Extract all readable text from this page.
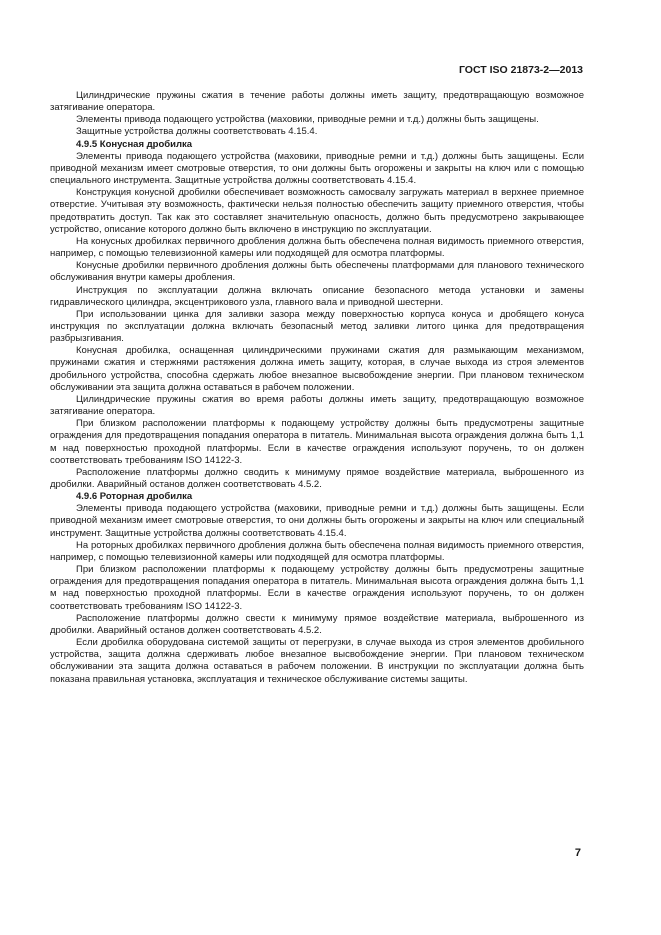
ГОСТ ISO 21873-2—2013

Цилиндрические пружины сжатия в течение работы должны иметь защиту, предотвращающую возможное затягивание оператора.

Элементы привода подающего устройства (маховики, приводные ремни и т.д.) должны быть защищены.

Защитные устройства должны соответствовать 4.15.4.

4.9.5 Конусная дробилка

Элементы привода подающего устройства (маховики, приводные ремни и т.д.) должны быть защищены. Если приводной механизм имеет смотровые отверстия, то они должны быть огорожены и закрыты на ключ или с помощью специального инструмента. Защитные устройства должны соответствовать 4.15.4.

Конструкция конусной дробилки обеспечивает возможность самосвалу загружать материал в верхнее приемное отверстие. Учитывая эту возможность, фактически нельзя полностью обеспечить защиту приемного отверстия, чтобы предотвратить доступ. Так как это составляет значительную опасность, должно быть предусмотрено закрывающее устройство, описание которого должно быть включено в инструкцию по эксплуатации.

На конусных дробилках первичного дробления должна быть обеспечена полная видимость приемного отверстия, например, с помощью телевизионной камеры или подходящей для осмотра платформы.

Конусные дробилки первичного дробления должны быть обеспечены платформами для планового технического обслуживания внутри камеры дробления.

Инструкция по эксплуатации должна включать описание безопасного метода установки и замены гидравлического цилиндра, эксцентрикового узла, главного вала и приводной шестерни.

При использовании цинка для заливки зазора между поверхностью корпуса конуса и дробящего конуса инструкция по эксплуатации должна включать безопасный метод заливки литого цинка для предотвращения разбрызгивания.

Конусная дробилка, оснащенная цилиндрическими пружинами сжатия для размыкающим механизмом, пружинами сжатия и стержнями растяжения должна иметь защиту, которая, в случае выхода из строя элементов дробильного устройства, способна сдержать любое внезапное высвобождение энергии. При плановом техническом обслуживании эта защита должна оставаться в рабочем положении.

Цилиндрические пружины сжатия во время работы должны иметь защиту, предотвращающую возможное затягивание оператора.

При близком расположении платформы к подающему устройству должны быть предусмотрены защитные ограждения для предотвращения попадания оператора в питатель. Минимальная высота ограждения должна быть 1,1 м над поверхностью проходной платформы. Если в качестве ограждения используют поручень, то он должен соответствовать требованиям ISO 14122-3.

Расположение платформы должно сводить к минимуму прямое воздействие материала, выброшенного из дробилки. Аварийный останов должен соответствовать 4.5.2.

4.9.6 Роторная дробилка

Элементы привода подающего устройства (маховики, приводные ремни и т.д.) должны быть защищены. Если приводной механизм имеет смотровые отверстия, то они должны быть огорожены и закрыты на ключ или специальный инструмент. Защитные устройства должны соответствовать 4.15.4.

На роторных дробилках первичного дробления должна быть обеспечена полная видимость приемного отверстия, например, с помощью телевизионной камеры или подходящей для осмотра платформы.

При близком расположении платформы к подающему устройству должны быть предусмотрены защитные ограждения для предотвращения попадания оператора в питатель. Минимальная высота ограждения должна быть 1,1 м над поверхностью проходной платформы. Если в качестве ограждения используют поручень, то он должен соответствовать требованиям ISO 14122-3.

Расположение платформы должно свести к минимуму прямое воздействие материала, выброшенного из дробилки. Аварийный останов должен соответствовать 4.5.2.

Если дробилка оборудована системой защиты от перегрузки, в случае выхода из строя элементов дробильного устройства, защита должна сдерживать любое внезапное высвобождение энергии. При плановом техническом обслуживании эта защита должна оставаться в рабочем положении. В инструкции по эксплуатации должна быть показана правильная установка, эксплуатация и техническое обслуживание системы защиты.

7
